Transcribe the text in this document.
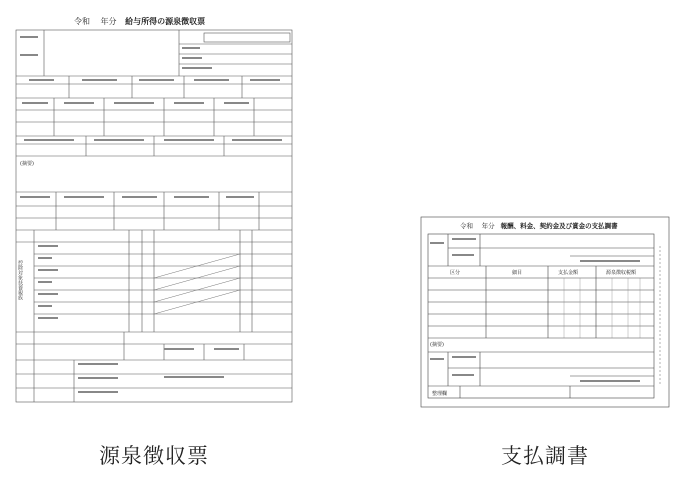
控除対象扶養親族
令和　 年分 給与所得の源泉徴収票
(摘要)
令和　 年分 報酬、料金、契約金及び賞金の支払調書
区分	細目	支払金額	源泉徴収税額
(摘要)
整理欄
源泉徴収票	支払調書
